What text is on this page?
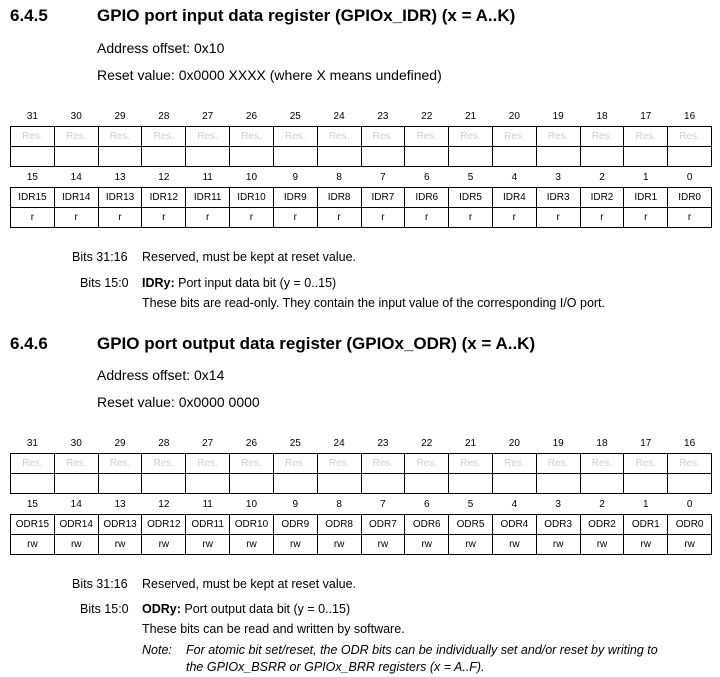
6.4.5	GPIO port input data register (GPIOx_IDR) (x = A..K)
Address offset: 0x10
Reset value: 0x0000 XXXX (where X means undefined)
31	30	29	28	27	26	25	24	23	22	21	20	19	18	17	16
Res.	Res.	Res.	Res.	Res.	Res.	Res.	Res.	Res.	Res.	Res.	Res.	Res.	Res.	Res.	Res.

15	14	13	12	11	10	9	8	7	6	5	4	3	2	1	0
IDR15	IDR14	IDR13	IDR12	IDR11	IDR10	IDR9	IDR8	IDR7	IDR6	IDR5	IDR4	IDR3	IDR2	IDR1	IDR0
r	r	r	r	r	r	r	r	r	r	r	r	r	r	r	r
Bits 31:16 Reserved, must be kept at reset value.
Bits 15:0 IDRy: Port input data bit (y = 0..15)
These bits are read-only. They contain the input value of the corresponding I/O port.
6.4.6	GPIO port output data register (GPIOx_ODR) (x = A..K)
Address offset: 0x14
Reset value: 0x0000 0000
31	30	29	28	27	26	25	24	23	22	21	20	19	18	17	16
Res.	Res.	Res.	Res.	Res.	Res.	Res.	Res.	Res.	Res.	Res.	Res.	Res.	Res.	Res.	Res.

15	14	13	12	11	10	9	8	7	6	5	4	3	2	1	0
ODR15	ODR14	ODR13	ODR12	ODR11	ODR10	ODR9	ODR8	ODR7	ODR6	ODR5	ODR4	ODR3	ODR2	ODR1	ODR0
rw	rw	rw	rw	rw	rw	rw	rw	rw	rw	rw	rw	rw	rw	rw	rw
Bits 31:16 Reserved, must be kept at reset value.
Bits 15:0 ODRy: Port output data bit (y = 0..15)
These bits can be read and written by software.
Note: For atomic bit set/reset, the ODR bits can be individually set and/or reset by writing to
the GPIOx_BSRR or GPIOx_BRR registers (x = A..F).
